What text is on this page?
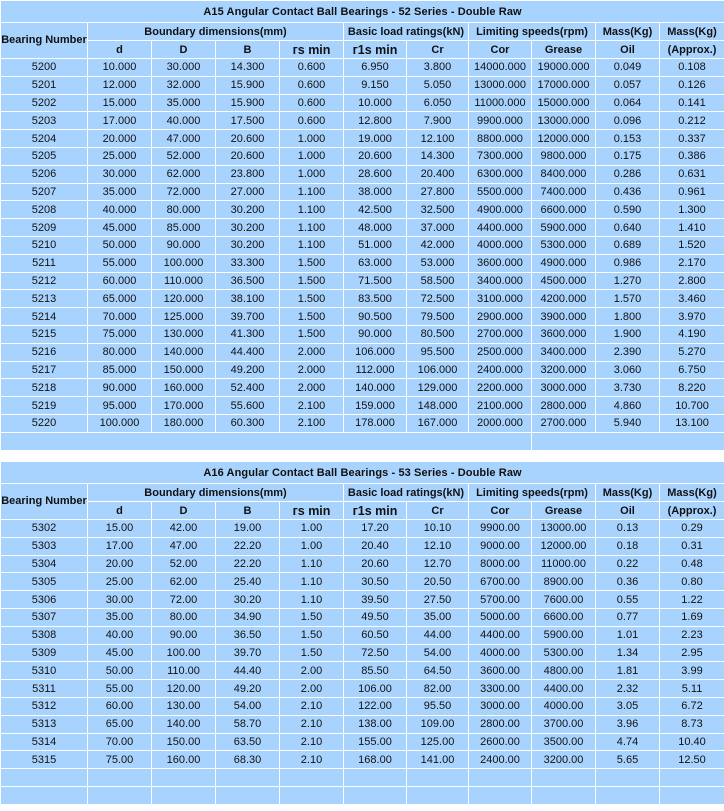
A15 Angular Contact Ball Bearings - 52 Series - Double Raw										
Bearing Number	Boundary dimensions(mm)				Basic load ratings(kN)		Limiting speeds(rpm)		Mass(Kg)	Mass(Kg)
	d	D	B	гs min	г1s min	Cr	Cor	Grease	Oil	(Approx.)
5200	10.000	30.000	14.300	0.600	6.950	3.800	14000.000	19000.000	0.049	0.108
5201	12.000	32.000	15.900	0.600	9.150	5.050	13000.000	17000.000	0.057	0.126
5202	15.000	35.000	15.900	0.600	10.000	6.050	11000.000	15000.000	0.064	0.141
5203	17.000	40.000	17.500	0.600	12.800	7.900	9900.000	13000.000	0.096	0.212
5204	20.000	47.000	20.600	1.000	19.000	12.100	8800.000	12000.000	0.153	0.337
5205	25.000	52.000	20.600	1.000	20.600	14.300	7300.000	9800.000	0.175	0.386
5206	30.000	62.000	23.800	1.000	28.600	20.400	6300.000	8400.000	0.286	0.631
5207	35.000	72.000	27.000	1.100	38.000	27.800	5500.000	7400.000	0.436	0.961
5208	40.000	80.000	30.200	1.100	42.500	32.500	4900.000	6600.000	0.590	1.300
5209	45.000	85.000	30.200	1.100	48.000	37.000	4400.000	5900.000	0.640	1.410
5210	50.000	90.000	30.200	1.100	51.000	42.000	4000.000	5300.000	0.689	1.520
5211	55.000	100.000	33.300	1.500	63.000	53.000	3600.000	4900.000	0.986	2.170
5212	60.000	110.000	36.500	1.500	71.500	58.500	3400.000	4500.000	1.270	2.800
5213	65.000	120.000	38.100	1.500	83.500	72.500	3100.000	4200.000	1.570	3.460
5214	70.000	125.000	39.700	1.500	90.500	79.500	2900.000	3900.000	1.800	3.970
5215	75.000	130.000	41.300	1.500	90.000	80.500	2700.000	3600.000	1.900	4.190
5216	80.000	140.000	44.400	2.000	106.000	95.500	2500.000	3400.000	2.390	5.270
5217	85.000	150.000	49.200	2.000	112.000	106.000	2400.000	3200.000	3.060	6.750
5218	90.000	160.000	52.400	2.000	140.000	129.000	2200.000	3000.000	3.730	8.220
5219	95.000	170.000	55.600	2.100	159.000	148.000	2100.000	2800.000	4.860	10.700
5220	100.000	180.000	60.300	2.100	178.000	167.000	2000.000	2700.000	5.940	13.100

A16 Angular Contact Ball Bearings - 53 Series - Double Raw										
Bearing Number	Boundary dimensions(mm)				Basic load ratings(kN)		Limiting speeds(rpm)		Mass(Kg)	Mass(Kg)
	d	D	B	гs min	г1s min	Cr	Cor	Grease	Oil	(Approx.)
5302	15.00	42.00	19.00	1.00	17.20	10.10	9900.00	13000.00	0.13	0.29
5303	17.00	47.00	22.20	1.00	20.40	12.10	9000.00	12000.00	0.18	0.31
5304	20.00	52.00	22.20	1.10	20.60	12.70	8000.00	11000.00	0.22	0.48
5305	25.00	62.00	25.40	1.10	30.50	20.50	6700.00	8900.00	0.36	0.80
5306	30.00	72.00	30.20	1.10	39.50	27.50	5700.00	7600.00	0.55	1.22
5307	35.00	80.00	34.90	1.50	49.50	35.00	5000.00	6600.00	0.77	1.69
5308	40.00	90.00	36.50	1.50	60.50	44.00	4400.00	5900.00	1.01	2.23
5309	45.00	100.00	39.70	1.50	72.50	54.00	4000.00	5300.00	1.34	2.95
5310	50.00	110.00	44.40	2.00	85.50	64.50	3600.00	4800.00	1.81	3.99
5311	55.00	120.00	49.20	2.00	106.00	82.00	3300.00	4400.00	2.32	5.11
5312	60.00	130.00	54.00	2.10	122.00	95.50	3000.00	4000.00	3.05	6.72
5313	65.00	140.00	58.70	2.10	138.00	109.00	2800.00	3700.00	3.96	8.73
5314	70.00	150.00	63.50	2.10	155.00	125.00	2600.00	3500.00	4.74	10.40
5315	75.00	160.00	68.30	2.10	168.00	141.00	2400.00	3200.00	5.65	12.50
